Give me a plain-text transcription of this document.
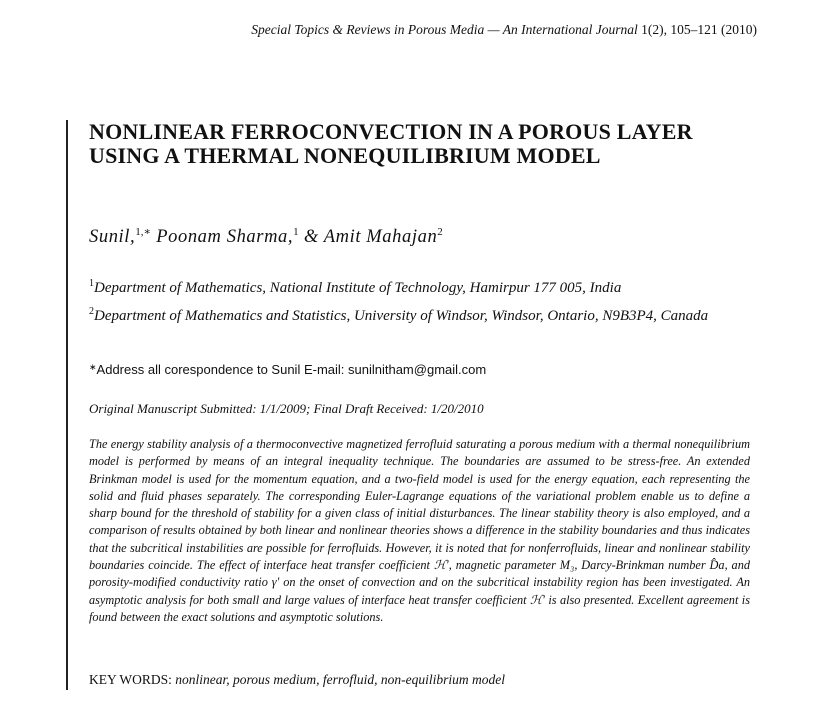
Special Topics & Reviews in Porous Media — An International Journal 1(2), 105–121 (2010)
NONLINEAR FERROCONVECTION IN A POROUS LAYER USING A THERMAL NONEQUILIBRIUM MODEL
Sunil,$^{1,∗}$ Poonam Sharma,$^1$ & Amit Mahajan$^2$
$^1$Department of Mathematics, National Institute of Technology, Hamirpur 177 005, India
$^2$Department of Mathematics and Statistics, University of Windsor, Windsor, Ontario, N9B3P4, Canada
∗Address all corespondence to Sunil E-mail: sunilnitham@gmail.com
Original Manuscript Submitted: 1/1/2009; Final Draft Received: 1/20/2010

The energy stability analysis of a thermoconvective magnetized ferrofluid saturating a porous medium with a thermal nonequilibrium model is performed by means of an integral inequality technique. The boundaries are assumed to be stress-free. An extended Brinkman model is used for the momentum equation, and a two-field model is used for the energy equation, each representing the solid and fluid phases separately. The corresponding Euler-Lagrange equations of the variational problem enable us to define a sharp bound for the threshold of stability for a given class of initial disturbances. The linear stability theory is also employed, and a comparison of results obtained by both linear and nonlinear theories shows a difference in the stability boundaries and thus indicates that the subcritical instabilities are possible for ferrofluids. However, it is noted that for nonferrofluids, linear and nonlinear stability boundaries coincide. The effect of interface heat transfer coefficient ℋ′, magnetic parameter M₃, Darcy-Brinkman number D̂a, and porosity-modified conductivity ratio γ′ on the onset of convection and on the subcritical instability region has been investigated. An asymptotic analysis for both small and large values of interface heat transfer coefficient ℋ′ is also presented. Excellent agreement is found between the exact solutions and asymptotic solutions.

KEY WORDS: nonlinear, porous medium, ferrofluid, non-equilibrium model
